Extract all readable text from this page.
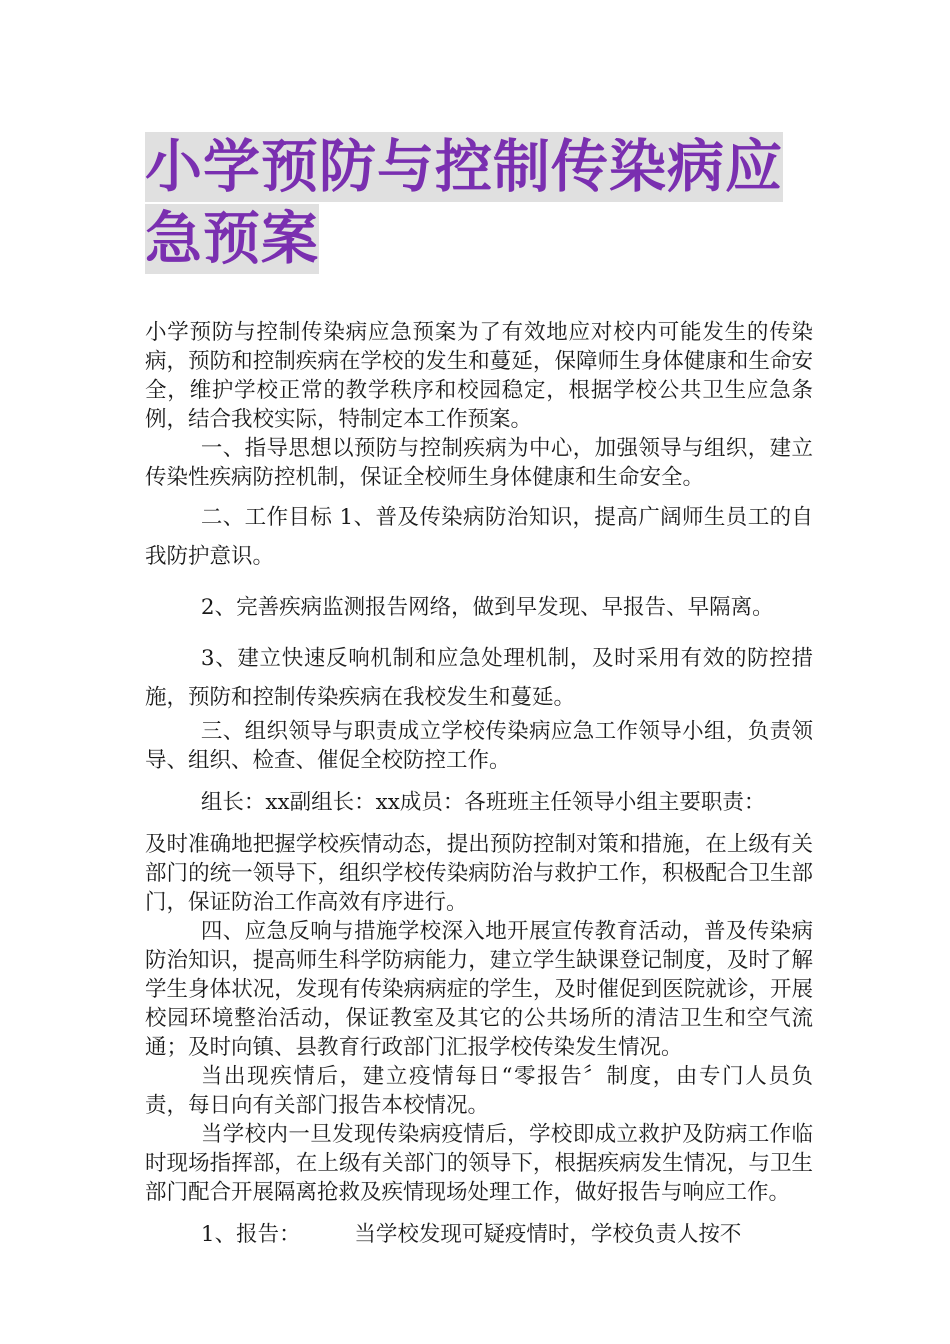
小学预防与控制传染病应
急预案

小学预防与控制传染病应急预案为了有效地应对校内可能发生的传染病，预防和控制疾病在学校的发生和蔓延，保障师生身体健康和生命安全，维护学校正常的教学秩序和校园稳定，根据学校公共卫生应急条例，结合我校实际，特制定本工作预案。

一、指导思想以预防与控制疾病为中心，加强领导与组织，建立传染性疾病防控机制，保证全校师生身体健康和生命安全。

二、工作目标 1、普及传染病防治知识，提高广阔师生员工的自我防护意识。

2、完善疾病监测报告网络，做到早发现、早报告、早隔离。

3、建立快速反响机制和应急处理机制，及时采用有效的防控措施，预防和控制传染疾病在我校发生和蔓延。

三、组织领导与职责成立学校传染病应急工作领导小组，负责领导、组织、检查、催促全校防控工作。

组长：xx副组长：xx成员：各班班主任领导小组主要职责：

及时准确地把握学校疾情动态，提出预防控制对策和措施，在上级有关部门的统一领导下，组织学校传染病防治与救护工作，积极配合卫生部门，保证防治工作高效有序进行。

四、应急反响与措施学校深入地开展宣传教育活动，普及传染病防治知识，提高师生科学防病能力，建立学生缺课登记制度，及时了解学生身体状况，发现有传染病病症的学生，及时催促到医院就诊，开展校园环境整治活动，保证教室及其它的公共场所的清洁卫生和空气流通；及时向镇、县教育行政部门汇报学校传染发生情况。

当出现疾情后，建立疫情每日“零报告〞制度，由专门人员负责，每日向有关部门报告本校情况。

当学校内一旦发现传染病疫情后，学校即成立救护及防病工作临时现场指挥部，在上级有关部门的领导下，根据疾病发生情况，与卫生部门配合开展隔离抢救及疾情现场处理工作，做好报告与响应工作。

1、报告：　　　当学校发现可疑疫情时，学校负责人按不
